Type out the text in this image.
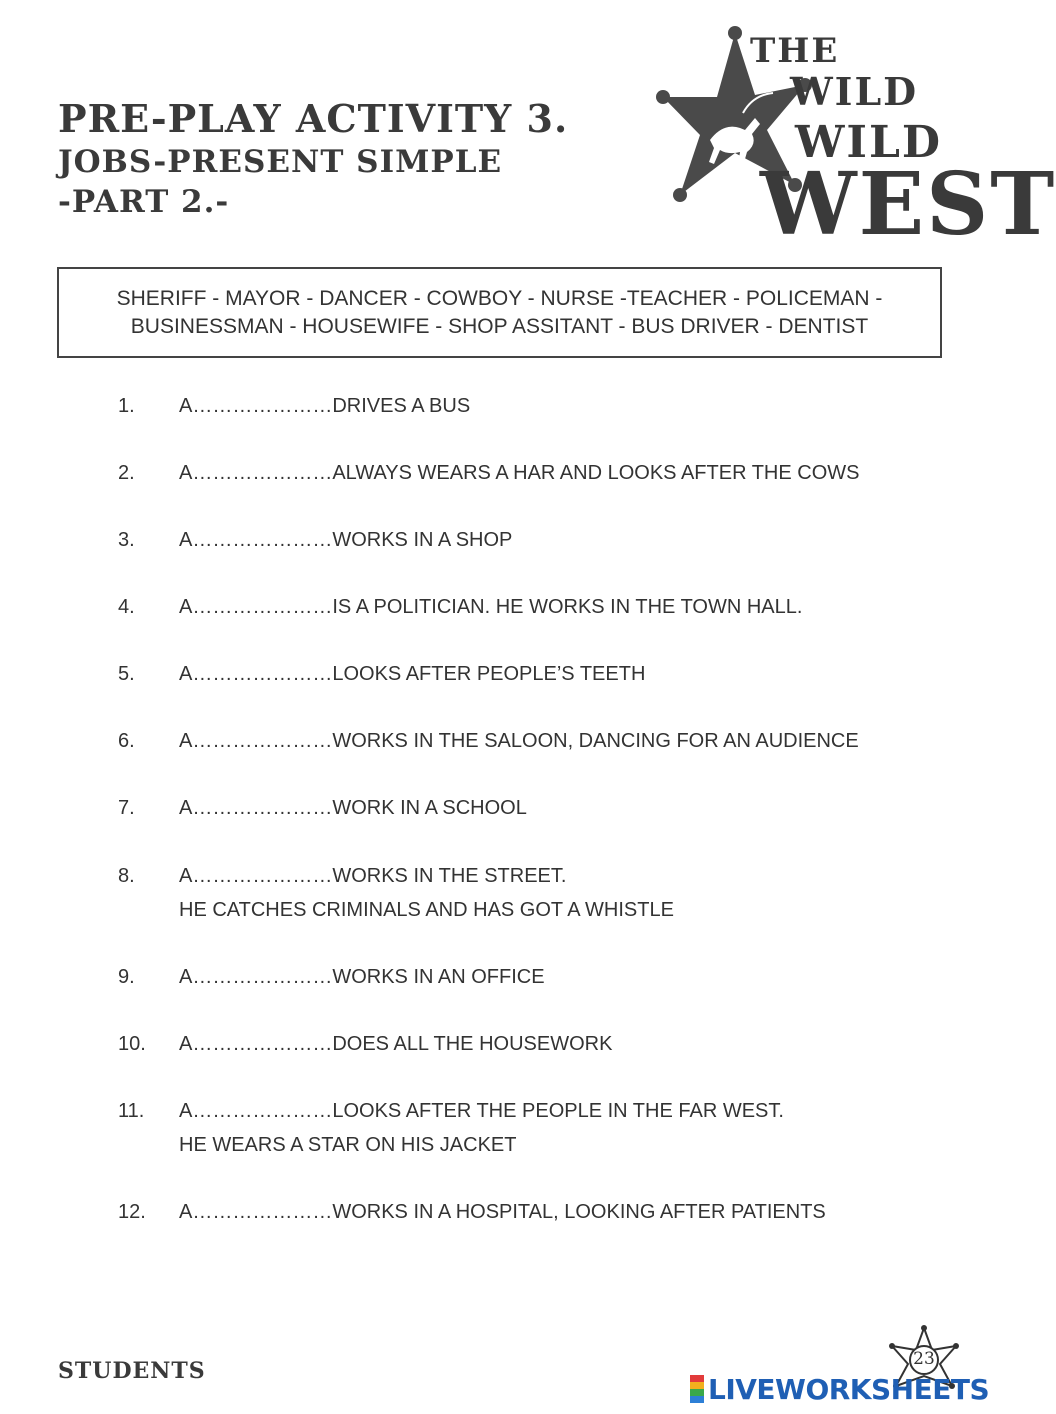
PRE-PLAY ACTIVITY 3.
JOBS-PRESENT SIMPLE
-PART 2.-
THE
WILD
WILD
WEST
SHERIFF - MAYOR - DANCER - COWBOY - NURSE -TEACHER - POLICEMAN -
BUSINESSMAN - HOUSEWIFE - SHOP ASSITANT - BUS DRIVER - DENTIST
1.	A…………………DRIVES A BUS
2.	A…………………ALWAYS WEARS A HAR AND LOOKS AFTER THE COWS
3.	A…………………WORKS IN A SHOP
4.	A…………………IS A POLITICIAN. HE WORKS IN THE TOWN HALL.
5.	A…………………LOOKS AFTER PEOPLE’S TEETH
6.	A…………………WORKS IN THE SALOON, DANCING FOR AN AUDIENCE
7.	A…………………WORK IN A SCHOOL
8.	A…………………WORKS IN THE STREET.
HE CATCHES CRIMINALS AND HAS GOT A WHISTLE
9.	A…………………WORKS IN AN OFFICE
10.	A…………………DOES ALL THE HOUSEWORK
11.	A…………………LOOKS AFTER THE PEOPLE IN THE FAR WEST.
HE WEARS A STAR ON HIS JACKET
12.	A…………………WORKS IN A HOSPITAL, LOOKING AFTER PATIENTS
STUDENTS	23
LIVEWORKSHEETS
